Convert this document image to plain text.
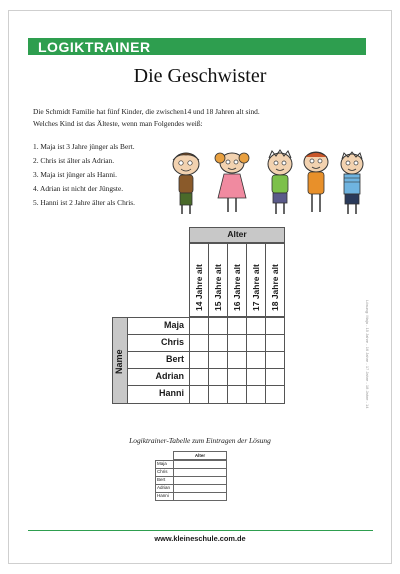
LOGIKTRAINER
Die Geschwister
Die Schmidt Familie hat fünf Kinder, die zwischen14 und 18 Jahren alt sind.
Welches Kind ist das Älteste, wenn man Folgendes weiß:
1. Maja ist 3 Jahre jünger als Bert.
2. Chris ist älter als Adrian.
3. Maja ist jünger als Hanni.
4. Adrian ist nicht der Jüngste.
5. Hanni ist 2 Jahre älter als Chris.
Alter
14 Jahre alt 15 Jahre alt 16 Jahre alt 17 Jahre alt 18 Jahre alt
Name
Maja
Chris
Bert
Adrian
Hanni
Logiktrainer-Tabelle zum Eintragen der Lösung
Alter
Maja
Chris
Bert
Adrian
Hanni
Lösung: Maja - 15 Jahre - 16 Jahre - 17 Jahre - 18 Jahre - 14
www.kleineschule.com.de
